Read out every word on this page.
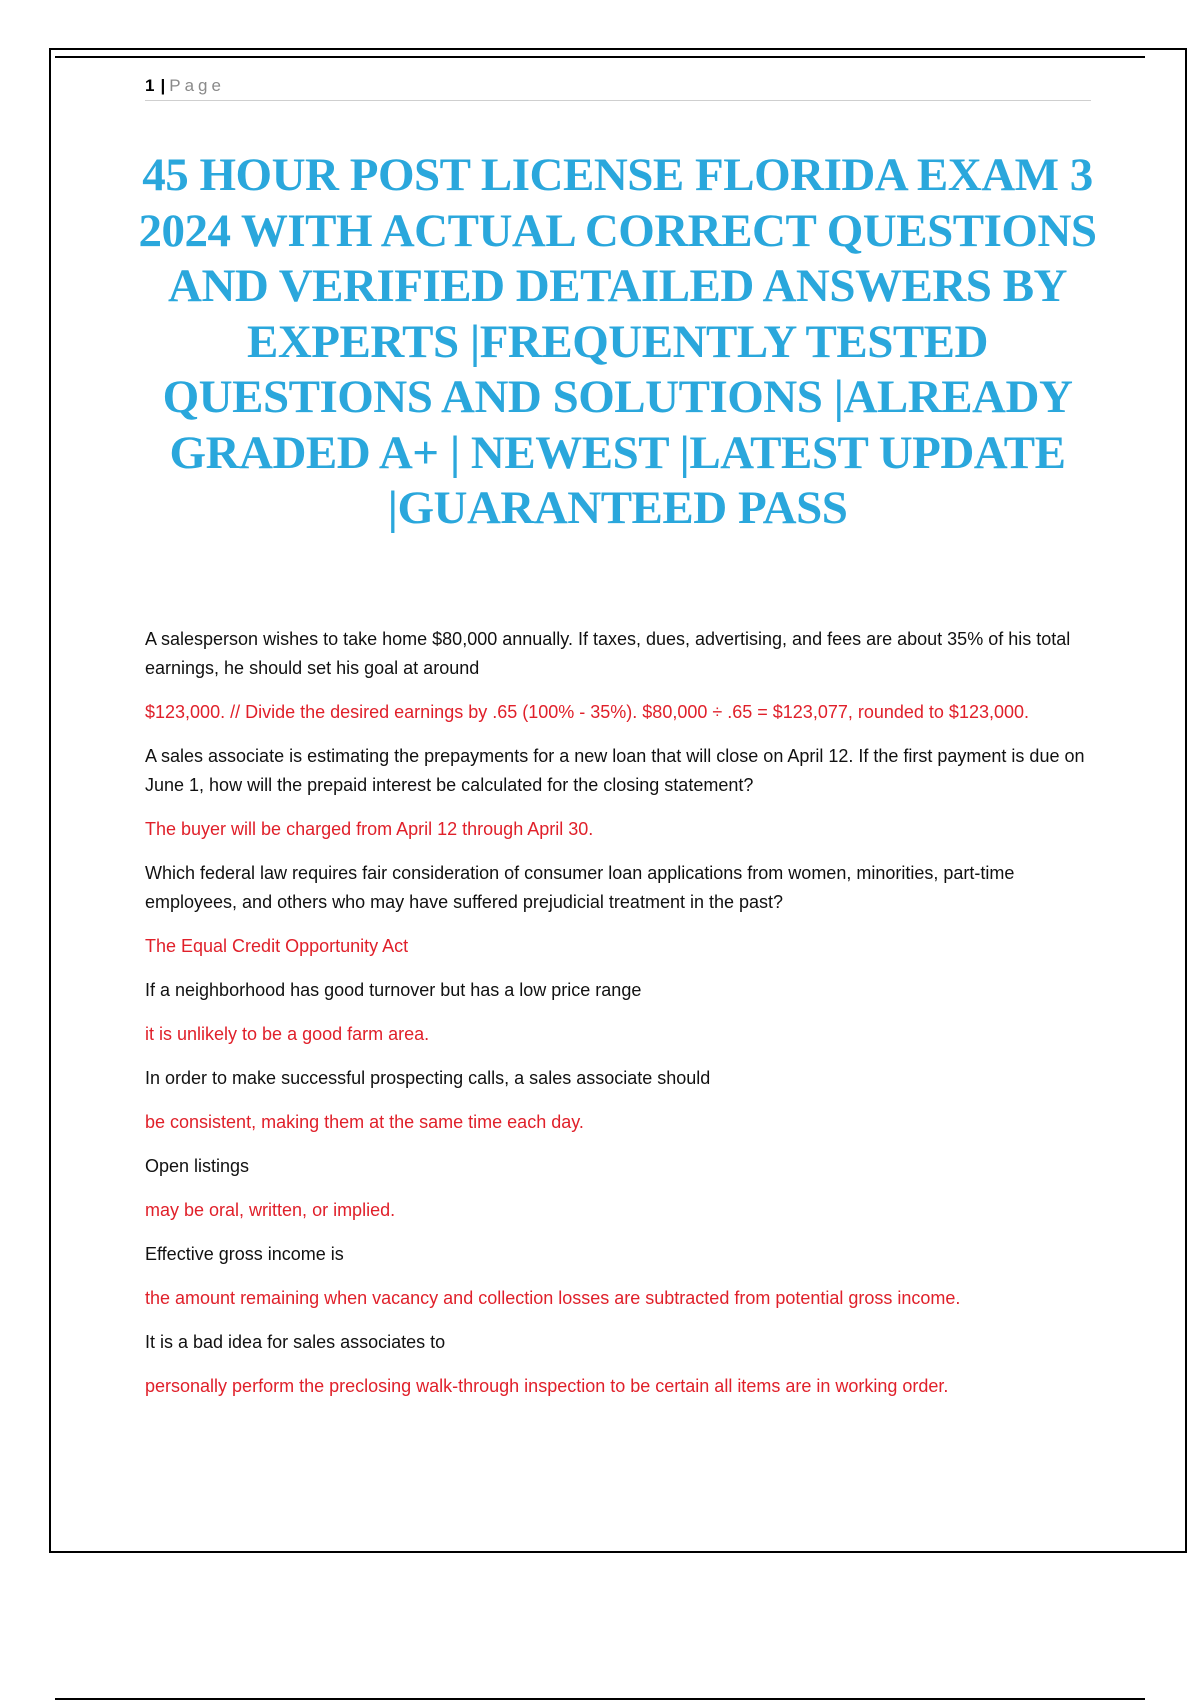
1 | Page
45 HOUR POST LICENSE FLORIDA EXAM 3 2024 WITH ACTUAL CORRECT QUESTIONS AND VERIFIED DETAILED ANSWERS BY EXPERTS |FREQUENTLY TESTED QUESTIONS AND SOLUTIONS |ALREADY GRADED A+ | NEWEST |LATEST UPDATE |GUARANTEED PASS

A salesperson wishes to take home $80,000 annually. If taxes, dues, advertising, and fees are about 35% of his total earnings, he should set his goal at around

$123,000. // Divide the desired earnings by .65 (100% - 35%). $80,000 ÷ .65 = $123,077, rounded to $123,000.

A sales associate is estimating the prepayments for a new loan that will close on April 12. If the first payment is due on June 1, how will the prepaid interest be calculated for the closing statement?

The buyer will be charged from April 12 through April 30.

Which federal law requires fair consideration of consumer loan applications from women, minorities, part-time employees, and others who may have suffered prejudicial treatment in the past?

The Equal Credit Opportunity Act

If a neighborhood has good turnover but has a low price range

it is unlikely to be a good farm area.

In order to make successful prospecting calls, a sales associate should

be consistent, making them at the same time each day.

Open listings

may be oral, written, or implied.

Effective gross income is

the amount remaining when vacancy and collection losses are subtracted from potential gross income.

It is a bad idea for sales associates to

personally perform the preclosing walk-through inspection to be certain all items are in working order.
